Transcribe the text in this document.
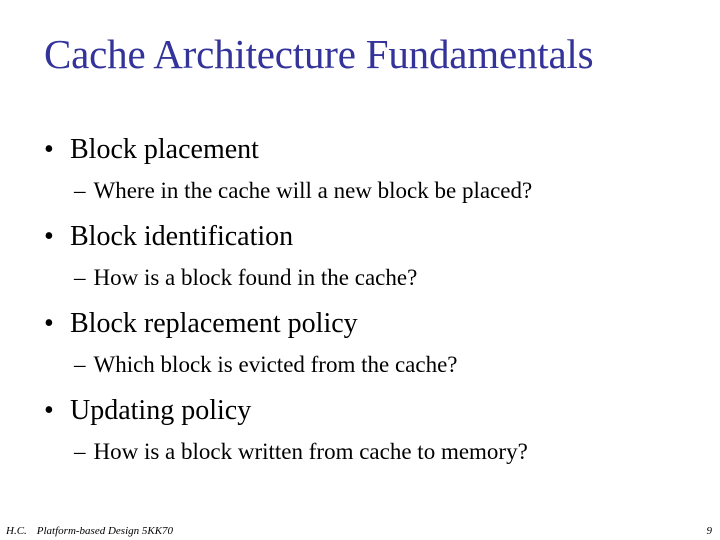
Cache Architecture Fundamentals
• Block placement
– Where in the cache will a new block be placed?
• Block identification
– How is a block found in the cache?
• Block replacement policy
– Which block is evicted from the cache?
• Updating policy
– How is a block written from cache to memory?
H.C. Platform-based Design 5KK70	9
